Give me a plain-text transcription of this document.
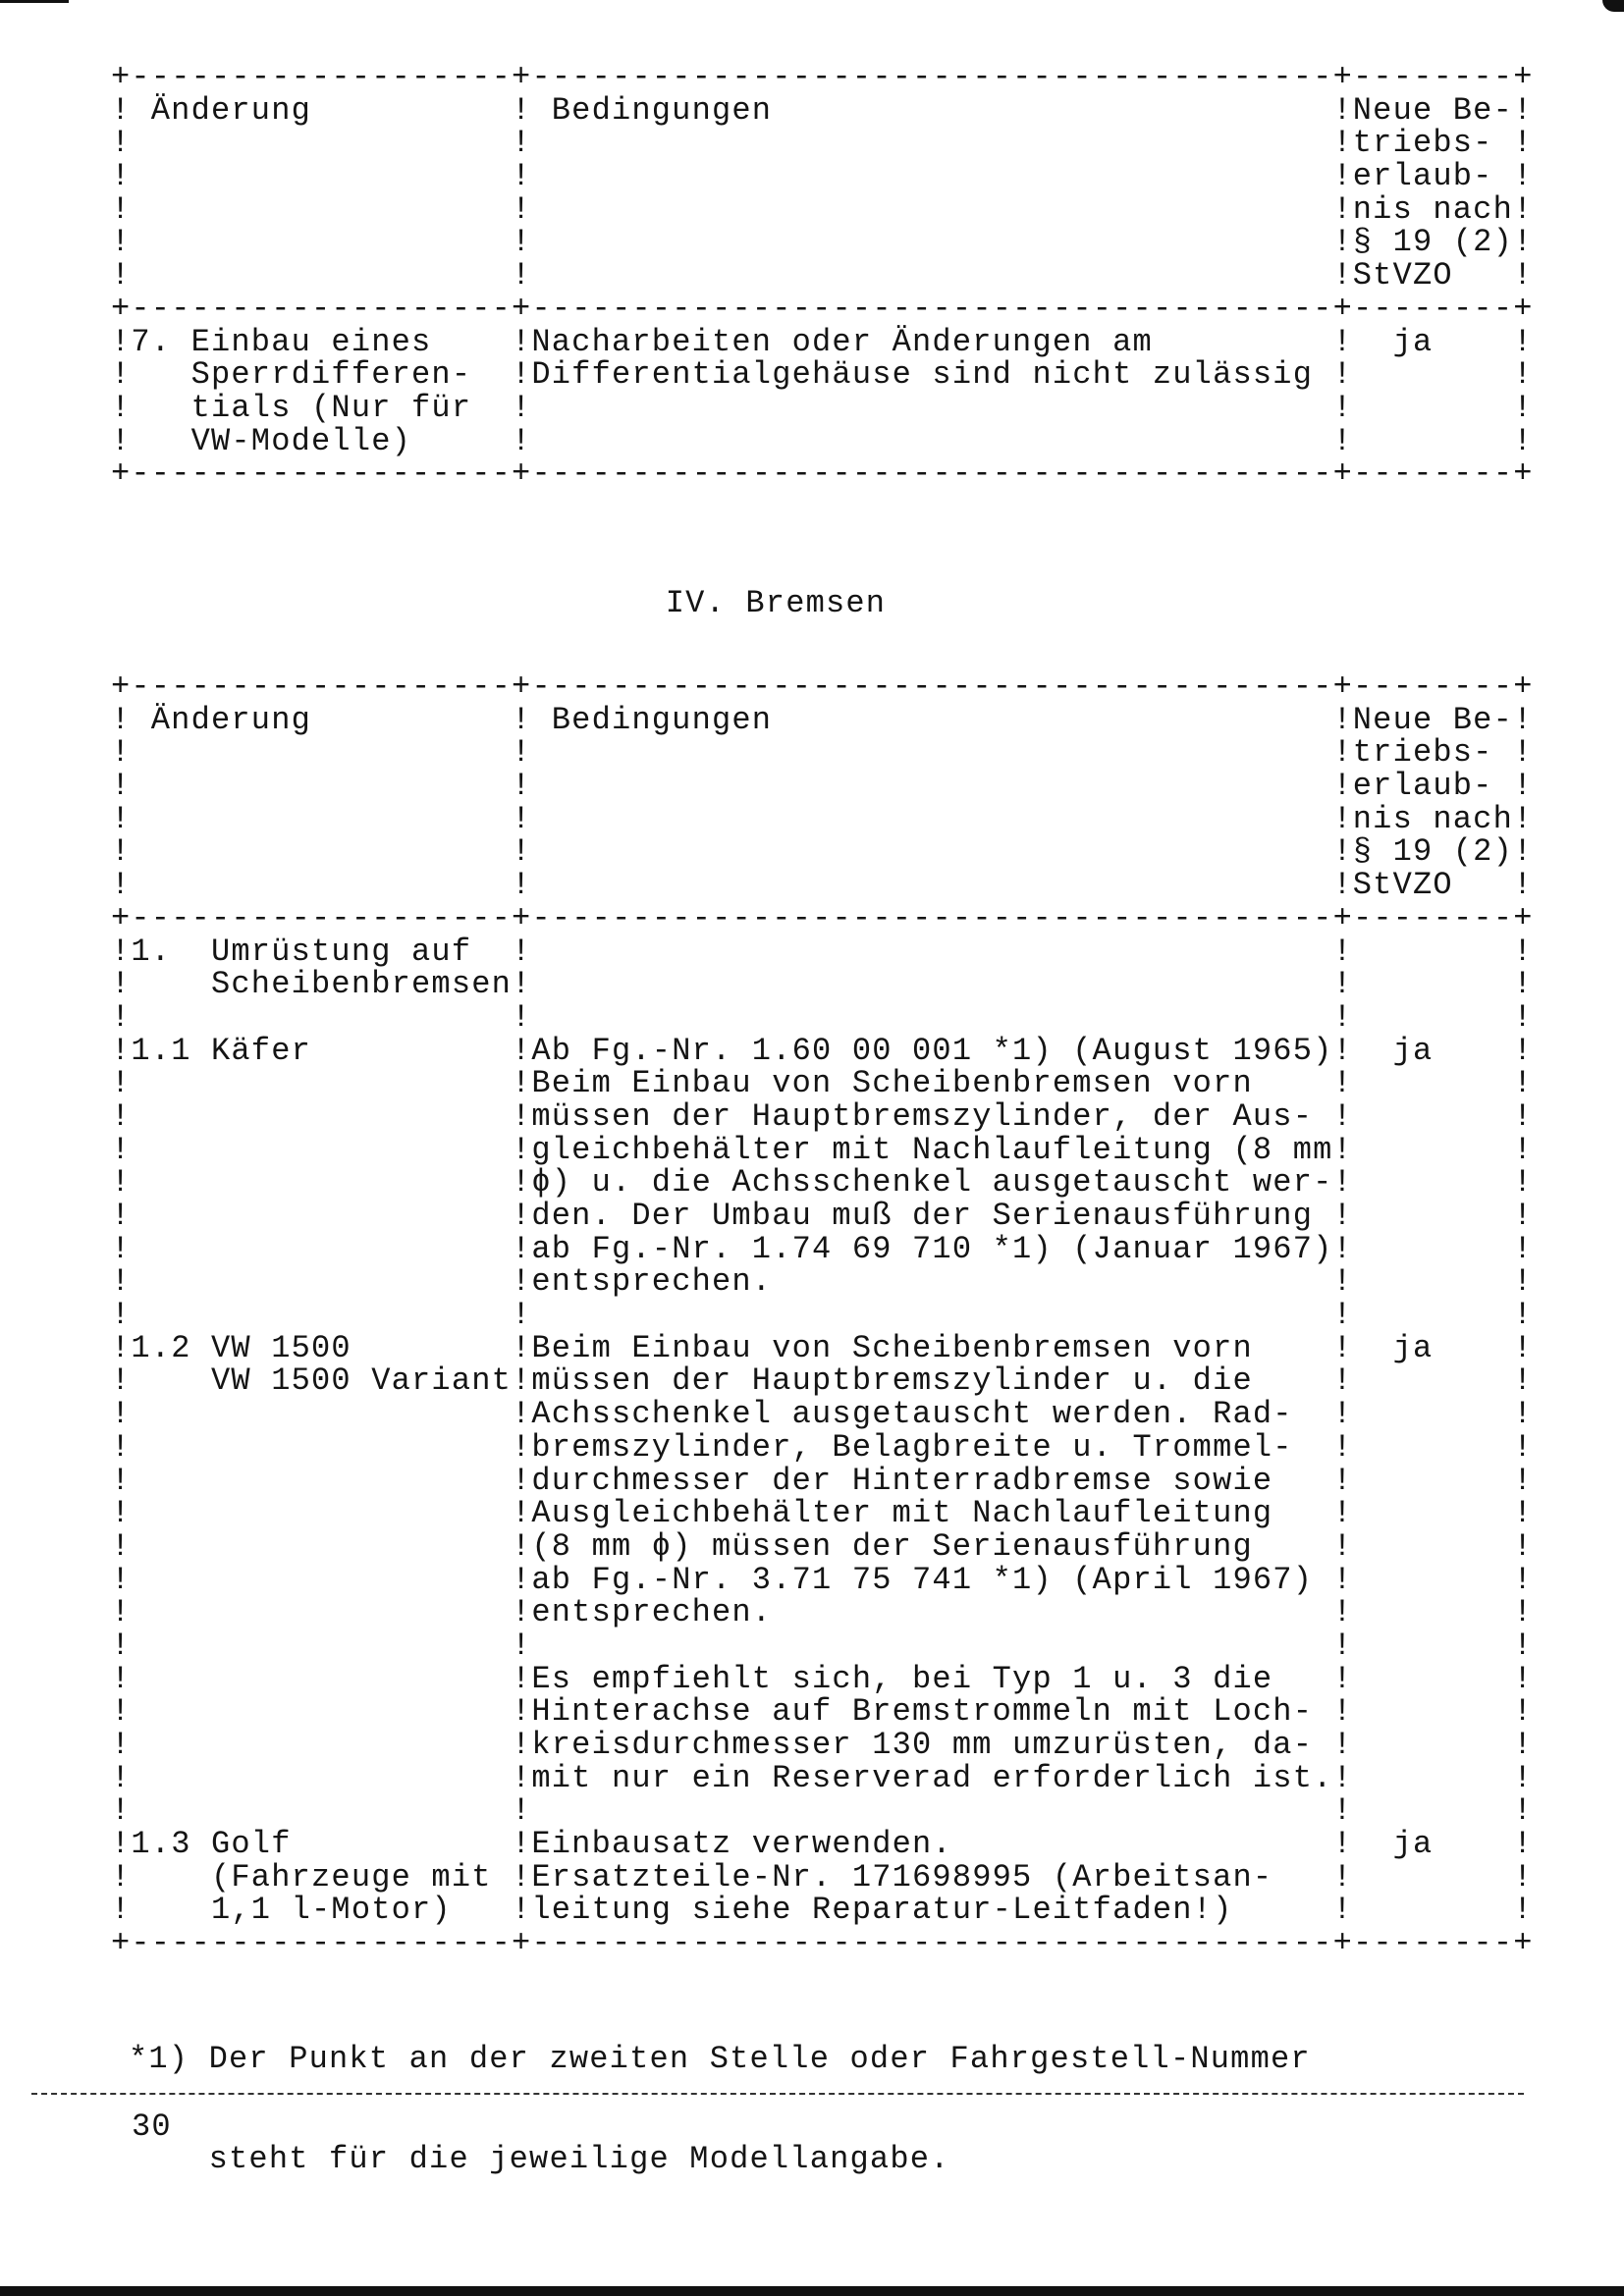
+-------------------+----------------------------------------+--------+
! Änderung	! Bedingungen	! Neue Be- !
!	!	! triebs- !
!	!	! erlaub- !
!	!	! nis nach !
!	!	! § 19 (2) !
!	!	! StVZO	!
+-------------------+----------------------------------------+--------+
! 7. Einbau eines	! Nacharbeiten oder Änderungen am	! ja	!
! Sperrdifferen-	! Differentialgehäuse sind nicht zulässig !	!
! tials (Nur für	!	!	!
! VW-Modelle)	!	!	!
+-------------------+----------------------------------------+--------+
IV. Bremsen
+-------------------+----------------------------------------+--------+
! Änderung	! Bedingungen	! Neue Be- !
!	!	! triebs- !
!	!	! erlaub- !
!	!	! nis nach !
!	!	! § 19 (2) !
!	!	! StVZO	!
+-------------------+----------------------------------------+--------+
! 1.  Umrüstung auf	!	!	!
! Scheibenbremsen !	!	!
!	!	!	!
! 1.1 Käfer	! Ab Fg.-Nr. 1.60 00 001 *1) (August 1965) ! ja	!
!	! Beim Einbau von Scheibenbremsen vorn	!	!
!	! müssen der Hauptbremszylinder, der Aus- !	!
!	! gleichbehälter mit Nachlaufleitung (8 mm !	!
!	! ϕ) u. die Achsschenkel ausgetauscht wer- !	!
!	! den. Der Umbau muß der Serienausführung !	!
!	! ab Fg.-Nr. 1.74 69 710 *1) (Januar 1967) !	!
!	! entsprechen.	!	!
!	!	!	!
! 1.2 VW 1500	! Beim Einbau von Scheibenbremsen vorn	! ja	!
! VW 1500 Variant ! müssen der Hauptbremszylinder u. die	!	!
!	! Achsschenkel ausgetauscht werden. Rad-	!	!
!	! bremszylinder, Belagbreite u. Trommel-	!	!
!	! durchmesser der Hinterradbremse sowie	!	!
!	! Ausgleichbehälter mit Nachlaufleitung	!	!
!	! (8 mm ϕ) müssen der Serienausführung	!	!
!	! ab Fg.-Nr. 3.71 75 741 *1) (April 1967) !	!
!	! entsprechen.	!	!
!	!	!	!
!	! Es empfiehlt sich, bei Typ 1 u. 3 die	!	!
!	! Hinterachse auf Bremstrommeln mit Loch- !	!
!	! kreisdurchmesser 130 mm umzurüsten, da- !	!
!	! mit nur ein Reserverad erforderlich ist. !	!
!	!	!	!
! 1.3 Golf	! Einbausatz verwenden.	! ja	!
! (Fahrzeuge mit ! Ersatzteile-Nr. 171698995 (Arbeitsan-	!	!
! 1,1 l-Motor)	! leitung siehe Reparatur-Leitfaden!)	!	!
+-------------------+----------------------------------------+--------+

*1) Der Punkt an der zweiten Stelle oder Fahrgestell-Nummer

steht für die jeweilige Modellangabe.

30
